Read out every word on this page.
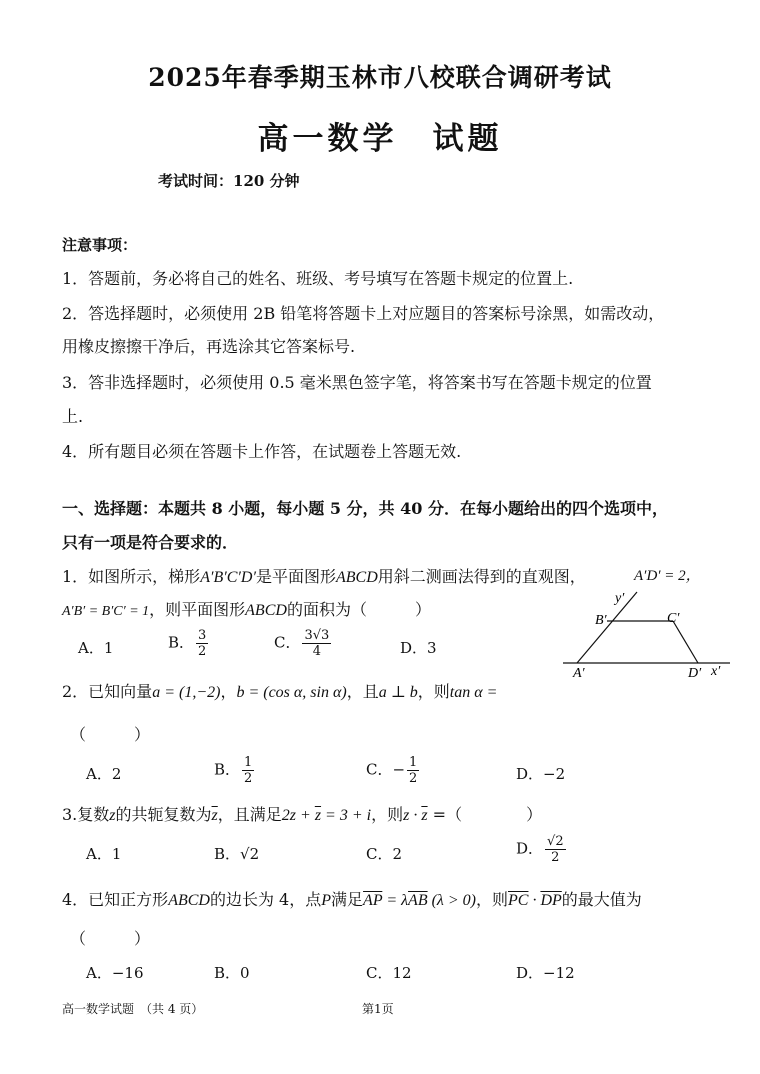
2025年春季期玉林市八校联合调研考试
高一数学　试题
考试时间：120 分钟
注意事项：
1．答题前，务必将自己的姓名、班级、考号填写在答题卡规定的位置上.
2．答选择题时，必须使用 2B 铅笔将答题卡上对应题目的答案标号涂黑，如需改动，
用橡皮擦擦干净后，再选涂其它答案标号.
3．答非选择题时，必须使用 0.5 毫米黑色签字笔，将答案书写在答题卡规定的位置
上.
4．所有题目必须在答题卡上作答，在试题卷上答题无效.
一、选择题：本题共 8 小题，每小题 5 分，共 40 分．在每小题给出的四个选项中，
只有一项是符合要求的．
1．如图所示，梯形A′B′C′D′是平面图形ABCD用斜二测画法得到的直观图，	A′D′ = 2，
A′B′ = B′C′ = 1，则平面图形ABCD的面积为（　　　）
A．1	B． $\frac{3}{2}$	C． $\frac{3√3}{4}$	D．3
B′	C′
A′	D′ x′
y′
2．已知向量a = (1,−2)，b = (cos α, sin α)，且a ⊥ b，则tan α =
（　　　）
A．2	B． $\frac{1}{2}$	C．− $\frac{1}{2}$	D．−2
3.复数z的共轭复数为$\overline{z}$，且满足$2z + \overline{z} = 3 + i$，则$z \cdot \overline{z}$ =（　　　　）
A．1	B．√2	C．2	D． $\frac{√2}{2}$
4．已知正方形ABCD的边长为 4，点P满足$\overline{AP} = \lambda\overline{AB}$ (λ > 0)，则$\overline{PC} \cdot \overline{DP}$的最大值为
（　　　）
A．−16	B．0	C．12	D．−12
高一数学试题　（共 4 页）	第1页
